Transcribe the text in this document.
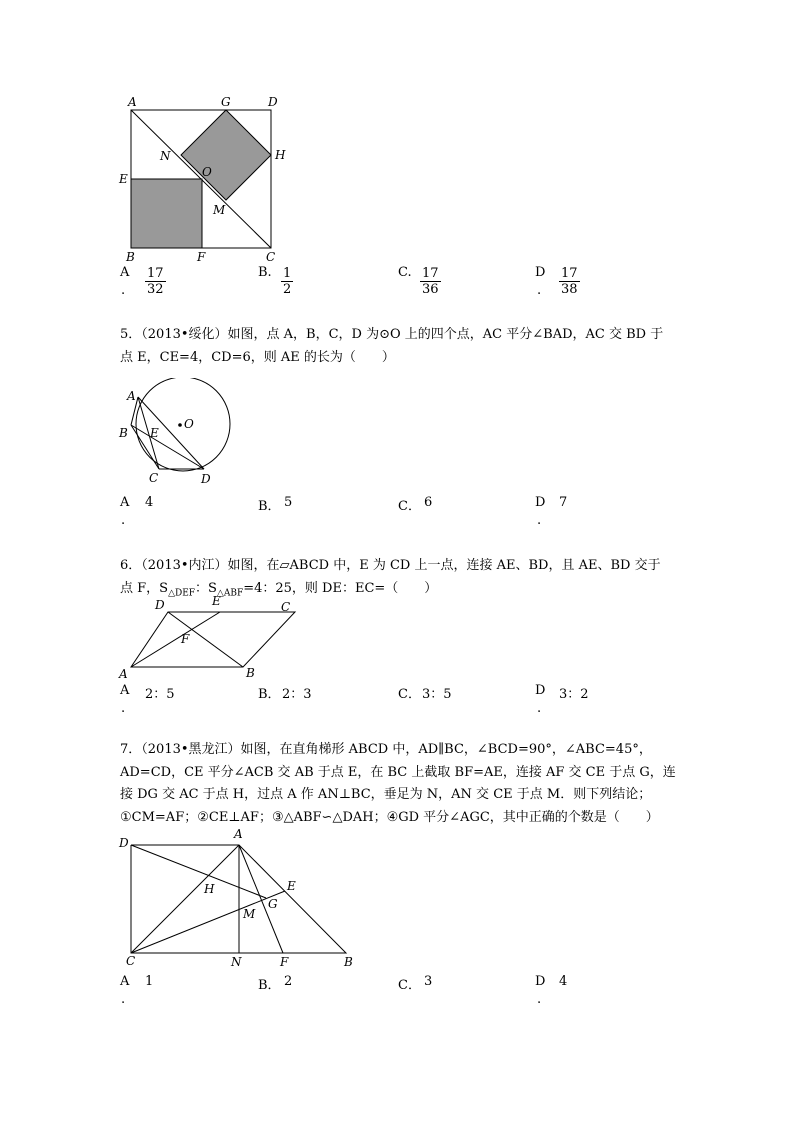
A	G	D
N	H
O
E
M
B	F	C
A
. $\frac{17}{32}$	B. $\frac{1}{2}$	C. $\frac{17}{36}$	D
. $\frac{17}{38}$
5．（2013•绥化）如图，点 A，B，C，D 为⊙O 上的四个点，AC 平分∠BAD，AC 交 BD 于
点 E，CE=4，CD=6，则 AE 的长为（　　）
A
B E
O
C	D
A 4
.
B． 5	C． 6	D 7
.
6．（2013•内江）如图，在▱ABCD 中，E 为 CD 上一点，连接 AE、BD，且 AE、BD 交于
点 F，$S_{\triangle DEF}$：$S_{\triangle ABF}=4$：25，则 DE：EC=（　　）
D	E	C
F
A	B
A 2：5
.
B． 2：3	C． 3：5	D 3：2
.
7．（2013•黑龙江）如图，在直角梯形 ABCD 中，AD∥BC，∠BCD=90°，∠ABC=45°，
AD=CD，CE 平分∠ACB 交 AB 于点 E，在 BC 上截取 BF=AE，连接 AF 交 CE 于点 G，连
接 DG 交 AC 于点 H，过点 A 作 AN⊥BC，垂足为 N，AN 交 CE 于点 M．则下列结论；
①CM=AF；②CE⊥AF；③△ABF∽△DAH；④GD 平分∠AGC，其中正确的个数是（　　）
A
D
H	E
G
M
C	N	F	B
A 1
.
B． 2	C． 3	D 4
.
